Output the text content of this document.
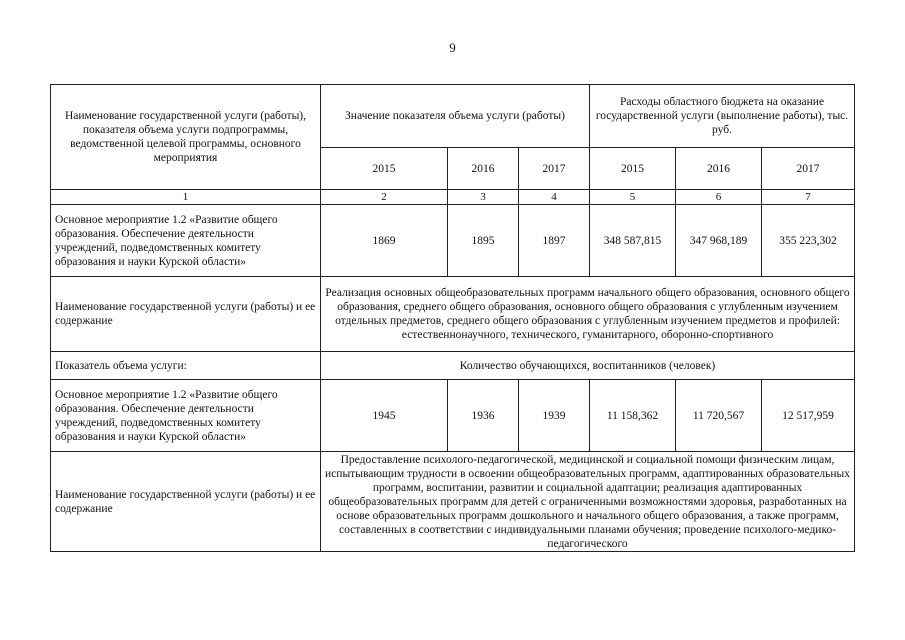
9
Наименование государственной услуги (работы), показателя объема услуги подпрограммы, ведомственной целевой программы, основного мероприятия	Значение показателя объема услуги (работы)			Расходы областного бюджета на оказание государственной услуги (выполнение работы), тыс. руб.		
	2015	2016	2017	2015	2016	2017
1	2	3	4	5	6	7
Основное мероприятие 1.2 «Развитие общего образования. Обеспечение деятельности учреждений, подведомственных комитету образования и науки Курской области»	1869	1895	1897	348 587,815	347 968,189	355 223,302
Наименование государственной услуги (работы) и ее содержание	Реализация основных общеобразовательных программ начального общего образования, основного общего образования, среднего общего образования, основного общего образования с углубленным изучением отдельных предметов, среднего общего образования с углубленным изучением предметов и профилей: естественнонаучного, технического, гуманитарного, оборонно-спортивного					
Показатель объема услуги:	Количество обучающихся, воспитанников (человек)					
Основное мероприятие 1.2 «Развитие общего образования. Обеспечение деятельности учреждений, подведомственных комитету образования и науки Курской области»	1945	1936	1939	11 158,362	11 720,567	12 517,959
Наименование государственной услуги (работы) и ее содержание	Предоставление психолого-педагогической, медицинской и социальной помощи физическим лицам, испытывающим трудности в освоении общеобразовательных программ, адаптированных образовательных программ, воспитании, развитии и социальной адаптации; реализация адаптированных общеобразовательных программ для детей с ограниченными возможностями здоровья, разработанных на основе образовательных программ дошкольного и начального общего образования, а также программ, составленных в соответствии с индивидуальными планами обучения; проведение психолого-медико-педагогического					
